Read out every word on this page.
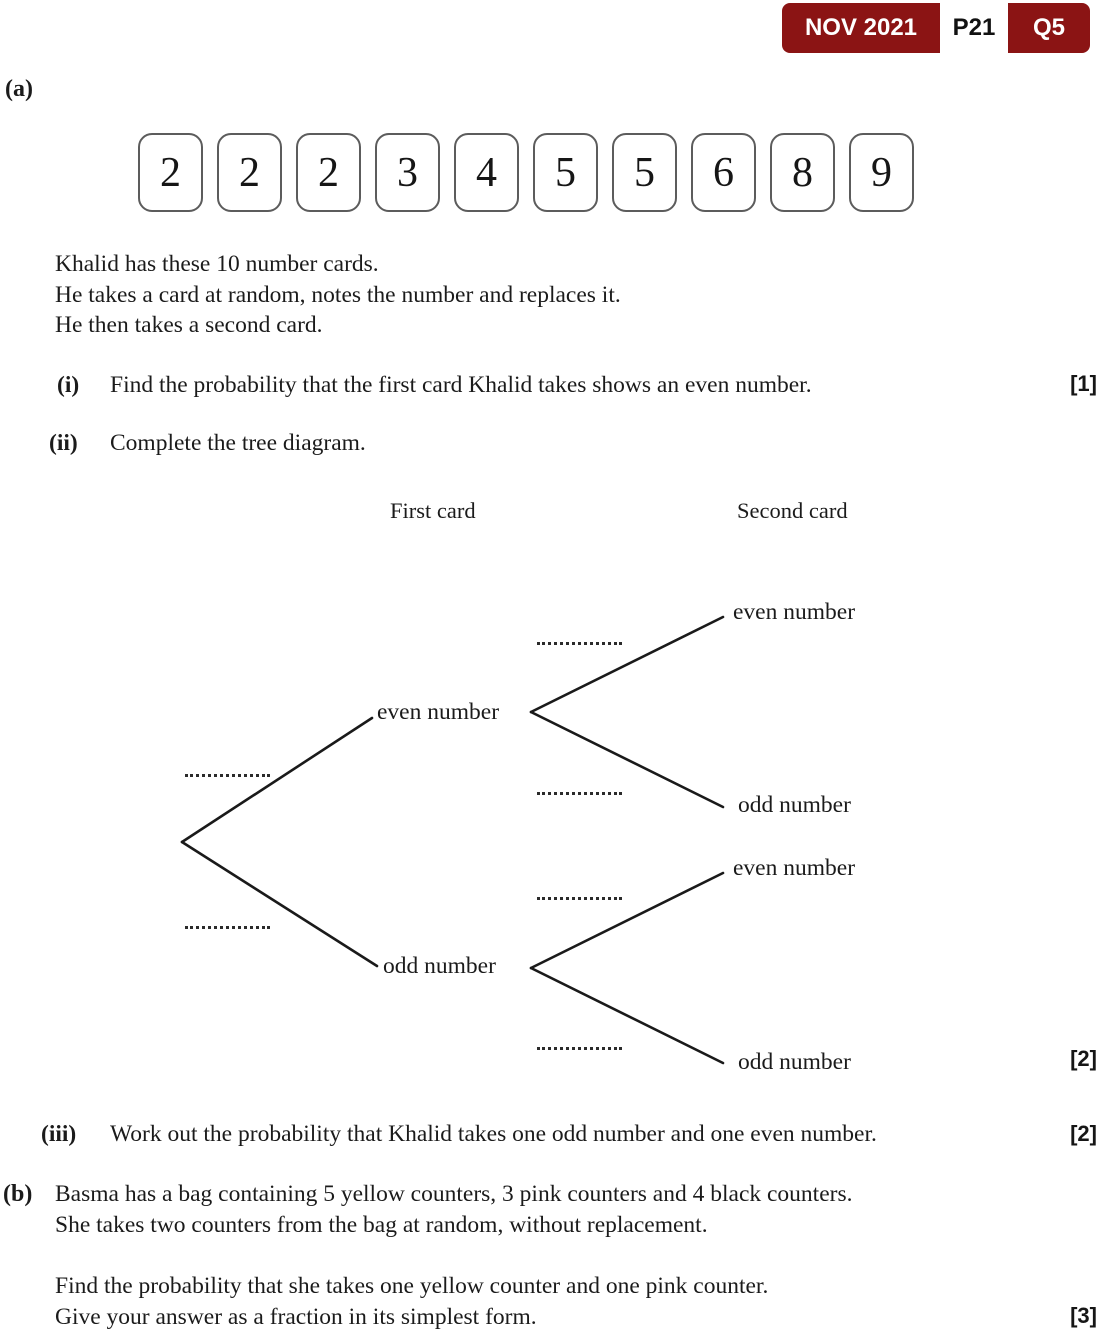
NOV 2021	P21	Q5
(a)
2 2 2 3 4 5 5 6 8 9
Khalid has these 10 number cards.
He takes a card at random, notes the number and replaces it.
He then takes a second card.
(i) Find the probability that the first card Khalid takes shows an even number.	[1]
(ii) Complete the tree diagram.
First card	Second card
even number
odd number
even number
odd number
even number
odd number	[2]
(iii) Work out the probability that Khalid takes one odd number and one even number.	[2]
(b) Basma has a bag containing 5 yellow counters, 3 pink counters and 4 black counters.
She takes two counters from the bag at random, without replacement.
Find the probability that she takes one yellow counter and one pink counter.
Give your answer as a fraction in its simplest form.	[3]
